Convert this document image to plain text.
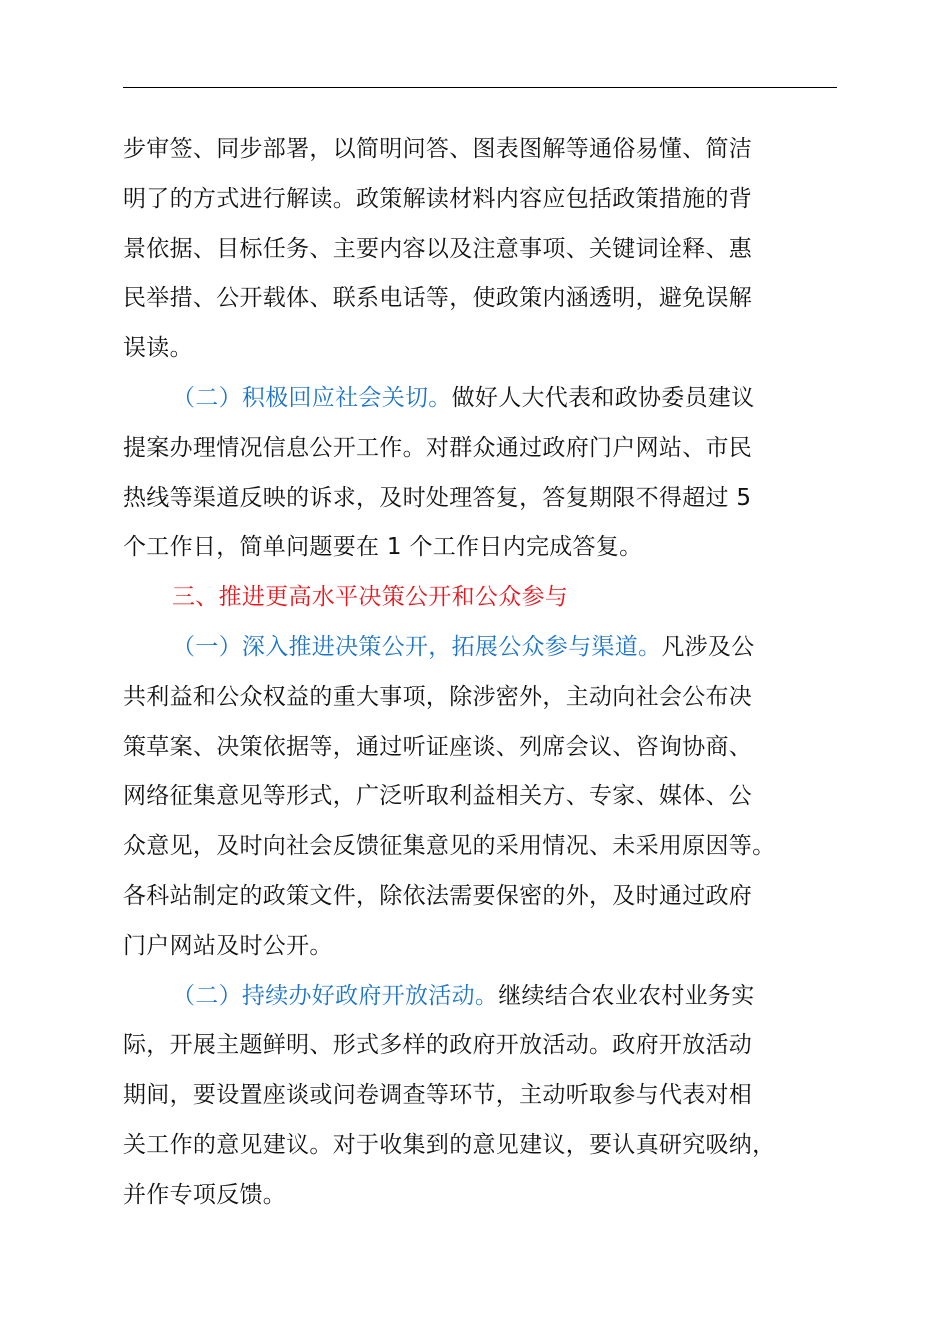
步审签、同步部署，以简明问答、图表图解等通俗易懂、简洁
明了的方式进行解读。政策解读材料内容应包括政策措施的背
景依据、目标任务、主要内容以及注意事项、关键词诠释、惠
民举措、公开载体、联系电话等，使政策内涵透明，避免误解
误读。
（二）积极回应社会关切。做好人大代表和政协委员建议
提案办理情况信息公开工作。对群众通过政府门户网站、市民
热线等渠道反映的诉求，及时处理答复，答复期限不得超过 5
个工作日，简单问题要在 1 个工作日内完成答复。
三、推进更高水平决策公开和公众参与
（一）深入推进决策公开，拓展公众参与渠道。凡涉及公
共利益和公众权益的重大事项，除涉密外，主动向社会公布决
策草案、决策依据等，通过听证座谈、列席会议、咨询协商、
网络征集意见等形式，广泛听取利益相关方、专家、媒体、公
众意见，及时向社会反馈征集意见的采用情况、未采用原因等。
各科站制定的政策文件，除依法需要保密的外，及时通过政府
门户网站及时公开。
（二）持续办好政府开放活动。继续结合农业农村业务实
际，开展主题鲜明、形式多样的政府开放活动。政府开放活动
期间，要设置座谈或问卷调查等环节，主动听取参与代表对相
关工作的意见建议。对于收集到的意见建议，要认真研究吸纳，
并作专项反馈。
